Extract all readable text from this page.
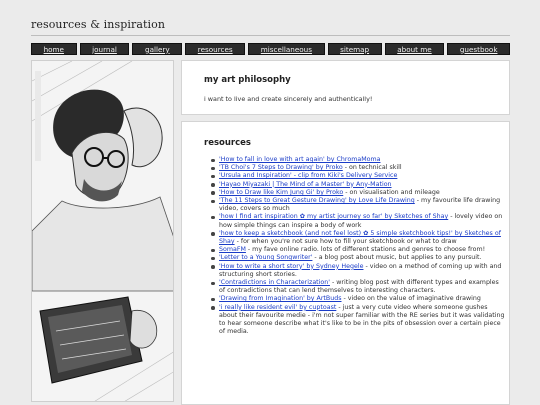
resources & inspiration
home	journal	gallery	resources	miscellaneous	sitemap	about me	guestbook
my art philosophy

i want to live and create sincerely and authentically!

resources
'How to fall in love with art again' by ChromaMoma
'TB Choi's 7 Steps to Drawing' by Proko - on technical skill
'Ursula and Inspiration' - clip from Kiki's Delivery Service
'Hayao Miyazaki | The Mind of a Master' by Any-Mation
'How to Draw like Kim Jung Gi' by Proko - on visualisation and mileage
'The 11 Steps to Great Gesture Drawing' by Love Life Drawing - my favourite life drawing video, covers so much
'how I find art inspiration ✿ my artist journey so far' by Sketches of Shay - lovely video on how simple things can inspire a body of work
'how to keep a sketchbook (and not feel lost) ✿ 5 simple sketchbook tips!' by Sketches of Shay - for when you're not sure how to fill your sketchbook or what to draw
SomaFM - my fave online radio. lots of different stations and genres to choose from!
'Letter to a Young Songwriter' - a blog post about music, but applies to any pursuit.
'How to write a short story' by Sydney Hegele - video on a method of coming up with and structuring short stories.
'Contradictions in Characterization' - writing blog post with different types and examples of contradictions that can lend themselves to interesting characters.
'Drawing from Imagination' by ArtBuds - video on the value of imaginative drawing
'i really like resident evil' by cuptoast - just a very cute video where someone gushes about their favourite medie - i'm not super familiar with the RE series but it was validating to hear someone describe what it's like to be in the pits of obsession over a certain piece of media.
